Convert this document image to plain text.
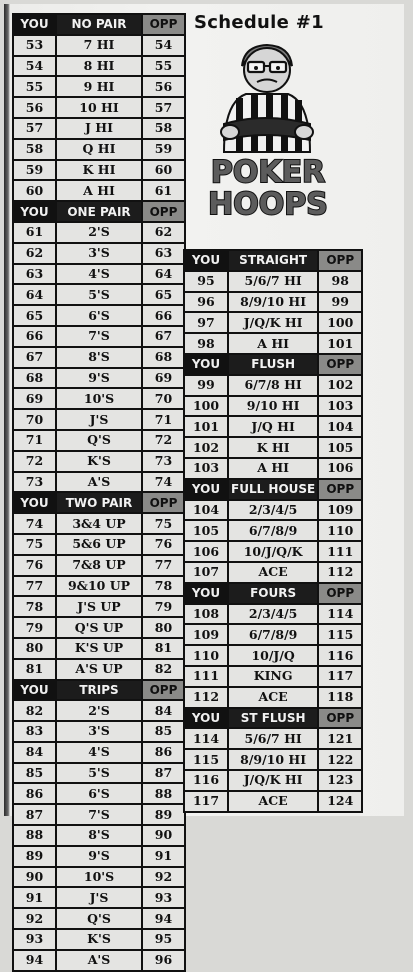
Schedule #1
POKER
HOOPS
YOU	NO PAIR	OPP
53	7 HI	54
54	8 HI	55
55	9 HI	56
56	10 HI	57
57	J HI	58
58	Q HI	59
59	K HI	60
60	A HI	61
YOU	ONE PAIR	OPP
61	2'S	62
62	3'S	63
63	4'S	64
64	5'S	65
65	6'S	66
66	7'S	67
67	8'S	68
68	9'S	69
69	10'S	70
70	J'S	71
71	Q'S	72
72	K'S	73
73	A'S	74
YOU	TWO PAIR	OPP
74	3&4 UP	75
75	5&6 UP	76
76	7&8 UP	77
77	9&10 UP	78
78	J'S UP	79
79	Q'S UP	80
80	K'S UP	81
81	A'S UP	82
YOU	TRIPS	OPP
82	2'S	84
83	3'S	85
84	4'S	86
85	5'S	87
86	6'S	88
87	7'S	89
88	8'S	90
89	9'S	91
90	10'S	92
91	J'S	93
92	Q'S	94
93	K'S	95
94	A'S	96
YOU	STRAIGHT	OPP
95	5/6/7 HI	98
96	8/9/10 HI	99
97	J/Q/K HI	100
98	A HI	101
YOU	FLUSH	OPP
99	6/7/8 HI	102
100	9/10 HI	103
101	J/Q HI	104
102	K HI	105
103	A HI	106
YOU	FULL HOUSE	OPP
104	2/3/4/5	109
105	6/7/8/9	110
106	10/J/Q/K	111
107	ACE	112
YOU	FOURS	OPP
108	2/3/4/5	114
109	6/7/8/9	115
110	10/J/Q	116
111	KING	117
112	ACE	118
YOU	ST FLUSH	OPP
114	5/6/7 HI	121
115	8/9/10 HI	122
116	J/Q/K HI	123
117	ACE	124
